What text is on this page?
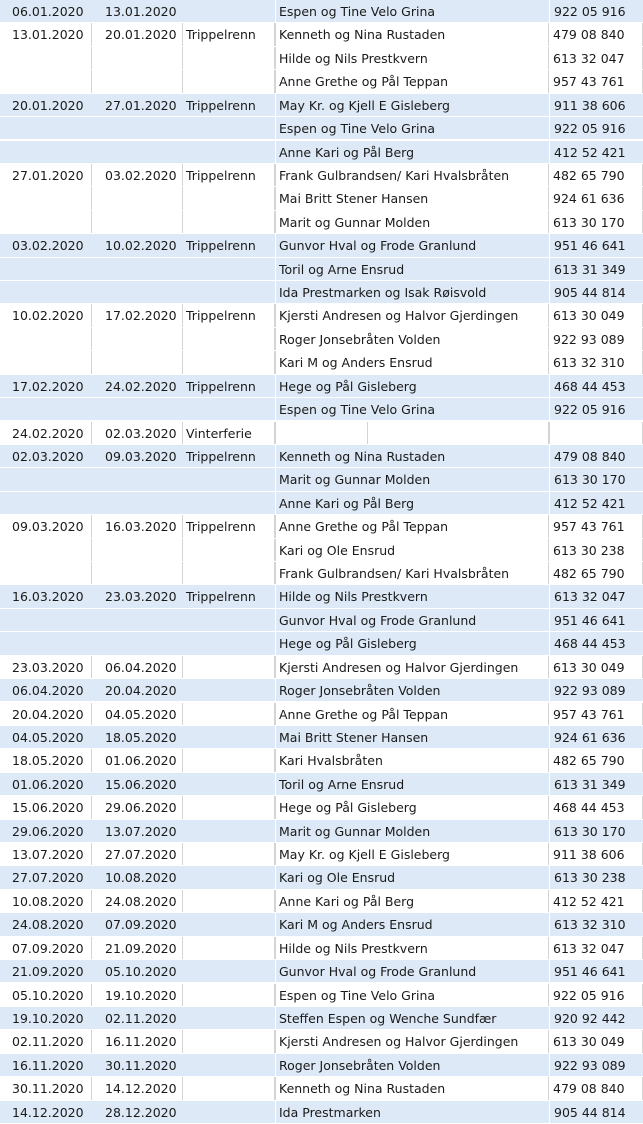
06.01.2020	13.01.2020	Espen og Tine Velo Grina	922 05 916
13.01.2020	20.01.2020 Trippelrenn	Kenneth og Nina Rustaden	479 08 840
Hilde og Nils Prestkvern	613 32 047
Anne Grethe og Pål Teppan	957 43 761
20.01.2020	27.01.2020 Trippelrenn	May Kr. og Kjell E Gisleberg	911 38 606
Espen og Tine Velo Grina	922 05 916
Anne Kari og Pål Berg	412 52 421
27.01.2020	03.02.2020 Trippelrenn	Frank Gulbrandsen/ Kari Hvalsbråten	482 65 790
Mai Britt Stener Hansen	924 61 636
Marit og Gunnar Molden	613 30 170
03.02.2020	10.02.2020 Trippelrenn	Gunvor Hval og Frode Granlund	951 46 641
Toril og Arne Ensrud	613 31 349
Ida Prestmarken og Isak Røisvold	905 44 814
10.02.2020	17.02.2020 Trippelrenn	Kjersti Andresen og Halvor Gjerdingen	613 30 049
Roger Jonsebråten Volden	922 93 089
Kari M og Anders Ensrud	613 32 310
17.02.2020	24.02.2020 Trippelrenn	Hege og Pål Gisleberg	468 44 453
Espen og Tine Velo Grina	922 05 916
24.02.2020	02.03.2020 Vinterferie
02.03.2020	09.03.2020 Trippelrenn	Kenneth og Nina Rustaden	479 08 840
Marit og Gunnar Molden	613 30 170
Anne Kari og Pål Berg	412 52 421
09.03.2020	16.03.2020 Trippelrenn	Anne Grethe og Pål Teppan	957 43 761
Kari og Ole Ensrud	613 30 238
Frank Gulbrandsen/ Kari Hvalsbråten	482 65 790
16.03.2020	23.03.2020 Trippelrenn	Hilde og Nils Prestkvern	613 32 047
Gunvor Hval og Frode Granlund	951 46 641
Hege og Pål Gisleberg	468 44 453
23.03.2020	06.04.2020	Kjersti Andresen og Halvor Gjerdingen	613 30 049
06.04.2020	20.04.2020	Roger Jonsebråten Volden	922 93 089
20.04.2020	04.05.2020	Anne Grethe og Pål Teppan	957 43 761
04.05.2020	18.05.2020	Mai Britt Stener Hansen	924 61 636
18.05.2020	01.06.2020	Kari Hvalsbråten	482 65 790
01.06.2020	15.06.2020	Toril og Arne Ensrud	613 31 349
15.06.2020	29.06.2020	Hege og Pål Gisleberg	468 44 453
29.06.2020	13.07.2020	Marit og Gunnar Molden	613 30 170
13.07.2020	27.07.2020	May Kr. og Kjell E Gisleberg	911 38 606
27.07.2020	10.08.2020	Kari og Ole Ensrud	613 30 238
10.08.2020	24.08.2020	Anne Kari og Pål Berg	412 52 421
24.08.2020	07.09.2020	Kari M og Anders Ensrud	613 32 310
07.09.2020	21.09.2020	Hilde og Nils Prestkvern	613 32 047
21.09.2020	05.10.2020	Gunvor Hval og Frode Granlund	951 46 641
05.10.2020	19.10.2020	Espen og Tine Velo Grina	922 05 916
19.10.2020	02.11.2020	Steffen Espen og Wenche Sundfær	920 92 442
02.11.2020	16.11.2020	Kjersti Andresen og Halvor Gjerdingen	613 30 049
16.11.2020	30.11.2020	Roger Jonsebråten Volden	922 93 089
30.11.2020	14.12.2020	Kenneth og Nina Rustaden	479 08 840
14.12.2020	28.12.2020	Ida Prestmarken	905 44 814
